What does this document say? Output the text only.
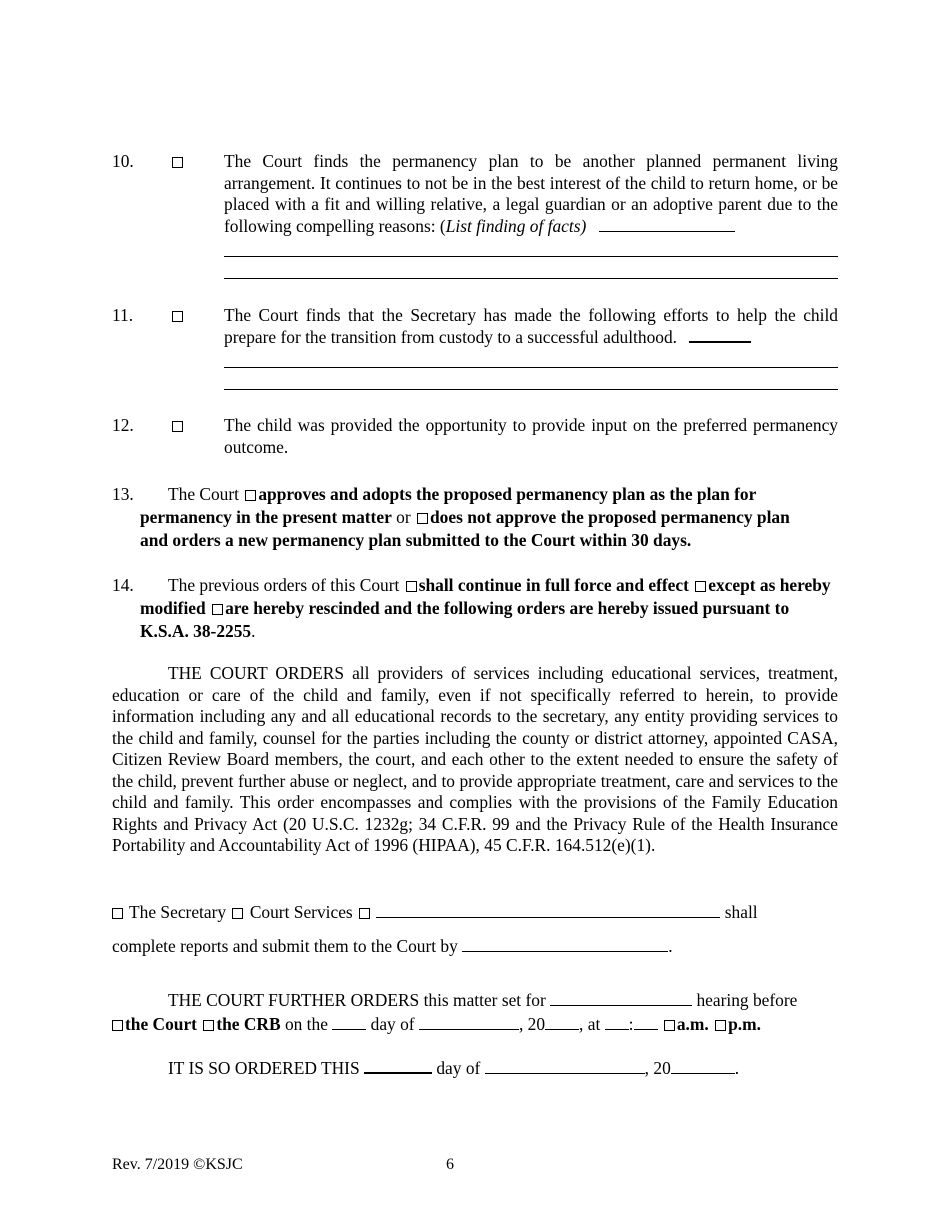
10.	The Court finds the permanency plan to be another planned permanent living arrangement. It continues to not be in the best interest of the child to return home, or be placed with a fit and willing relative, a legal guardian or an adoptive parent due to the following compelling reasons: (List finding of facts)
11.	The Court finds that the Secretary has made the following efforts to help the child prepare for the transition from custody to a successful adulthood.
12.	The child was provided the opportunity to provide input on the preferred permanency outcome.
13.	The Court approves and adopts the proposed permanency plan as the plan for permanency in the present matter or does not approve the proposed permanency plan and orders a new permanency plan submitted to the Court within 30 days.
14.	The previous orders of this Court shall continue in full force and effect except as hereby modified are hereby rescinded and the following orders are hereby issued pursuant to K.S.A. 38-2255.
THE COURT ORDERS all providers of services including educational services, treatment, education or care of the child and family, even if not specifically referred to herein, to provide information including any and all educational records to the secretary, any entity providing services to the child and family, counsel for the parties including the county or district attorney, appointed CASA, Citizen Review Board members, the court, and each other to the extent needed to ensure the safety of the child, prevent further abuse or neglect, and to provide appropriate treatment, care and services to the child and family. This order encompasses and complies with the provisions of the Family Education Rights and Privacy Act (20 U.S.C. 1232g; 34 C.F.R. 99 and the Privacy Rule of the Health Insurance Portability and Accountability Act of 1996 (HIPAA), 45 C.F.R. 164.512(e)(1).
The Secretary Court Services	shall
complete reports and submit them to the Court by	.
THE COURT FURTHER ORDERS this matter set for	hearing before
the Court the CRB on the day of	, 20 , at : a.m. p.m.
IT IS SO ORDERED THIS	day of	, 20	.
Rev. 7/2019 ©KSJC	6
